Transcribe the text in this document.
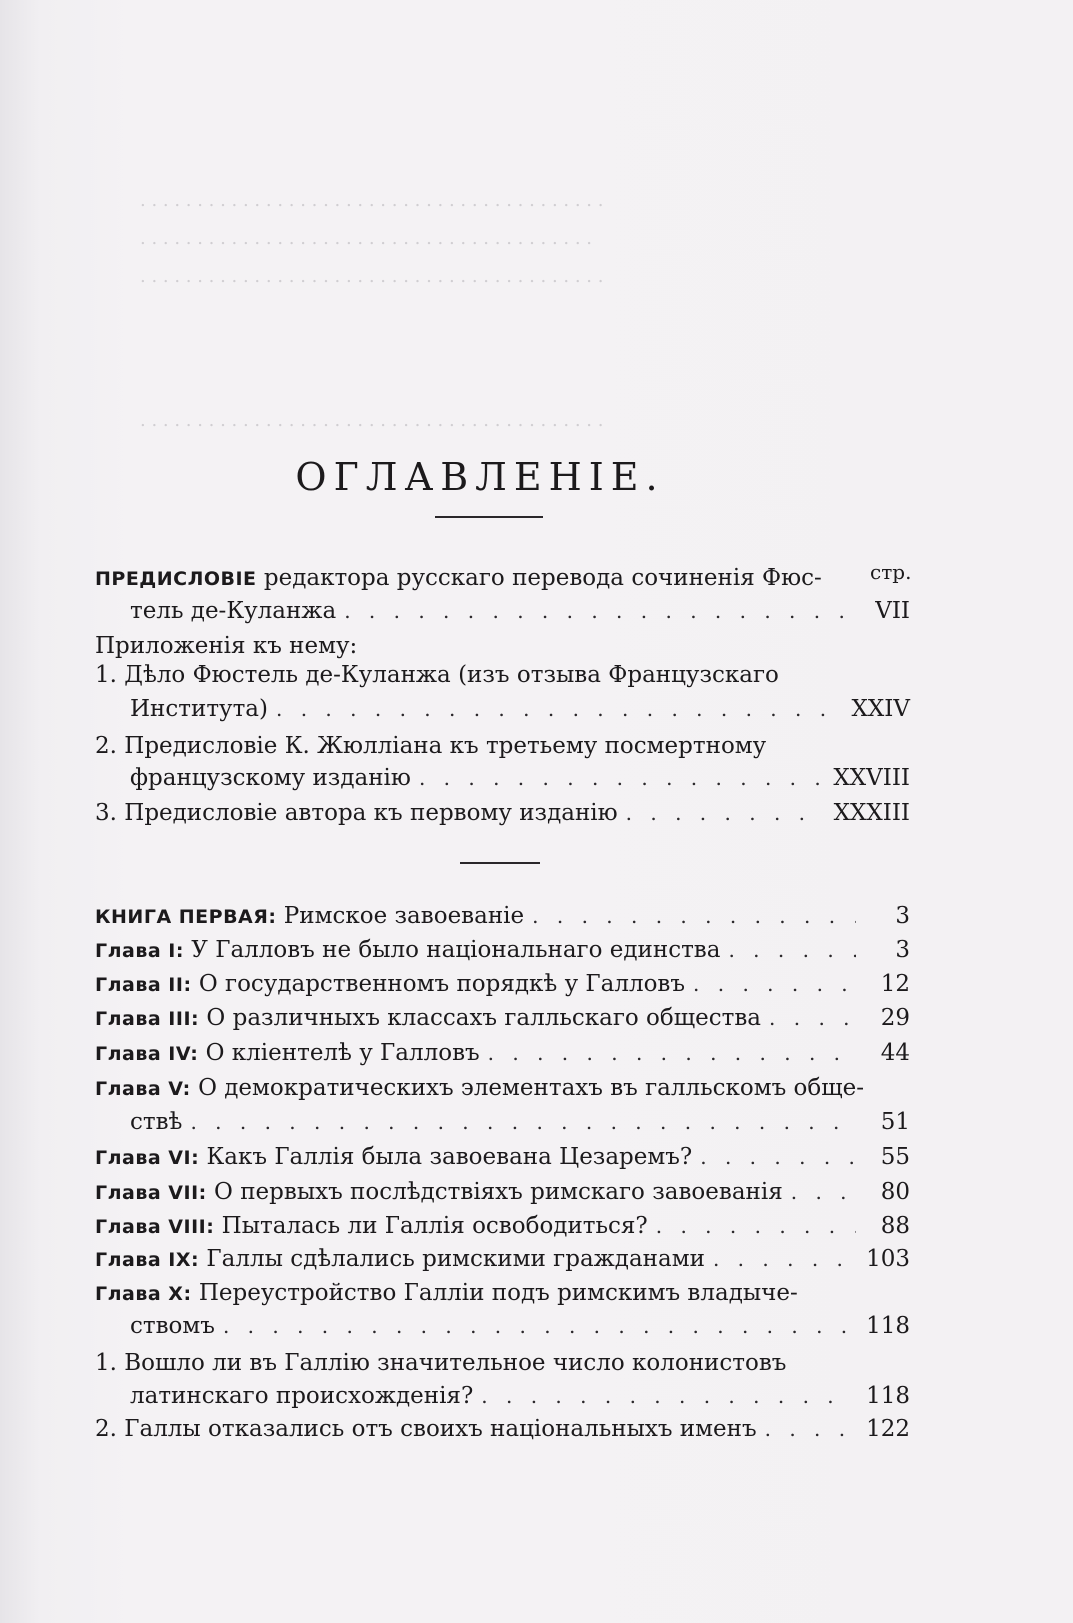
. . . . . . . . . . . . . . . . . . . . . . . . . . . . . . . . . . . . . . . . .
. . . . . . . . . . . . . . . . . . . . . . . . . . . . . . . . . . . . . . . .
. . . . . . . . . . . . . . . . . . . . . . . . . . . . . . . . . . . . . . . . .
. . . . . . . . . . . . . . . . . . . . . . . . . . . . . . . . . . . . . . . . .
ОГЛАВЛЕНІЕ.
стр.
ПРЕДИСЛОВІЕ редактора русскаго перевода сочиненія Фюс-
тель де-Куланжа . . .	VII
Приложенія къ нему:
1. Дѣло Фюстель де-Куланжа (изъ отзыва Французскаго
Института) . . .	XXIV
2. Предисловіе К. Жюлліана къ третьему посмертному
французскому изданію . . .	XXVIII
3. Предисловіе автора къ первому изданію . . .	XXXIII
КНИГА ПЕРВАЯ: Римское завоеваніе . . .	3
Глава I: У Галловъ не было національнаго единства . . .	3
Глава II: О государственномъ порядкѣ у Галловъ . . .	12
Глава III: О различныхъ классахъ галльскаго общества . . .	29
Глава IV: О кліентелѣ у Галловъ . . .	44
Глава V: О демократическихъ элементахъ въ галльскомъ обще-
ствѣ . . .	51
Глава VI: Какъ Галлія была завоевана Цезаремъ? . . .	55
Глава VII: О первыхъ послѣдствіяхъ римскаго завоеванія . . .	80
Глава VIII: Пыталась ли Галлія освободиться? . . .	88
Глава IX: Галлы сдѣлались римскими гражданами . . .	103
Глава X: Переустройство Галліи подъ римскимъ владыче-
ствомъ . . .	118
1. Вошло ли въ Галлію значительное число колонистовъ
латинскаго происхожденія? . . .	118
2. Галлы отказались отъ своихъ національныхъ именъ . . .	122
